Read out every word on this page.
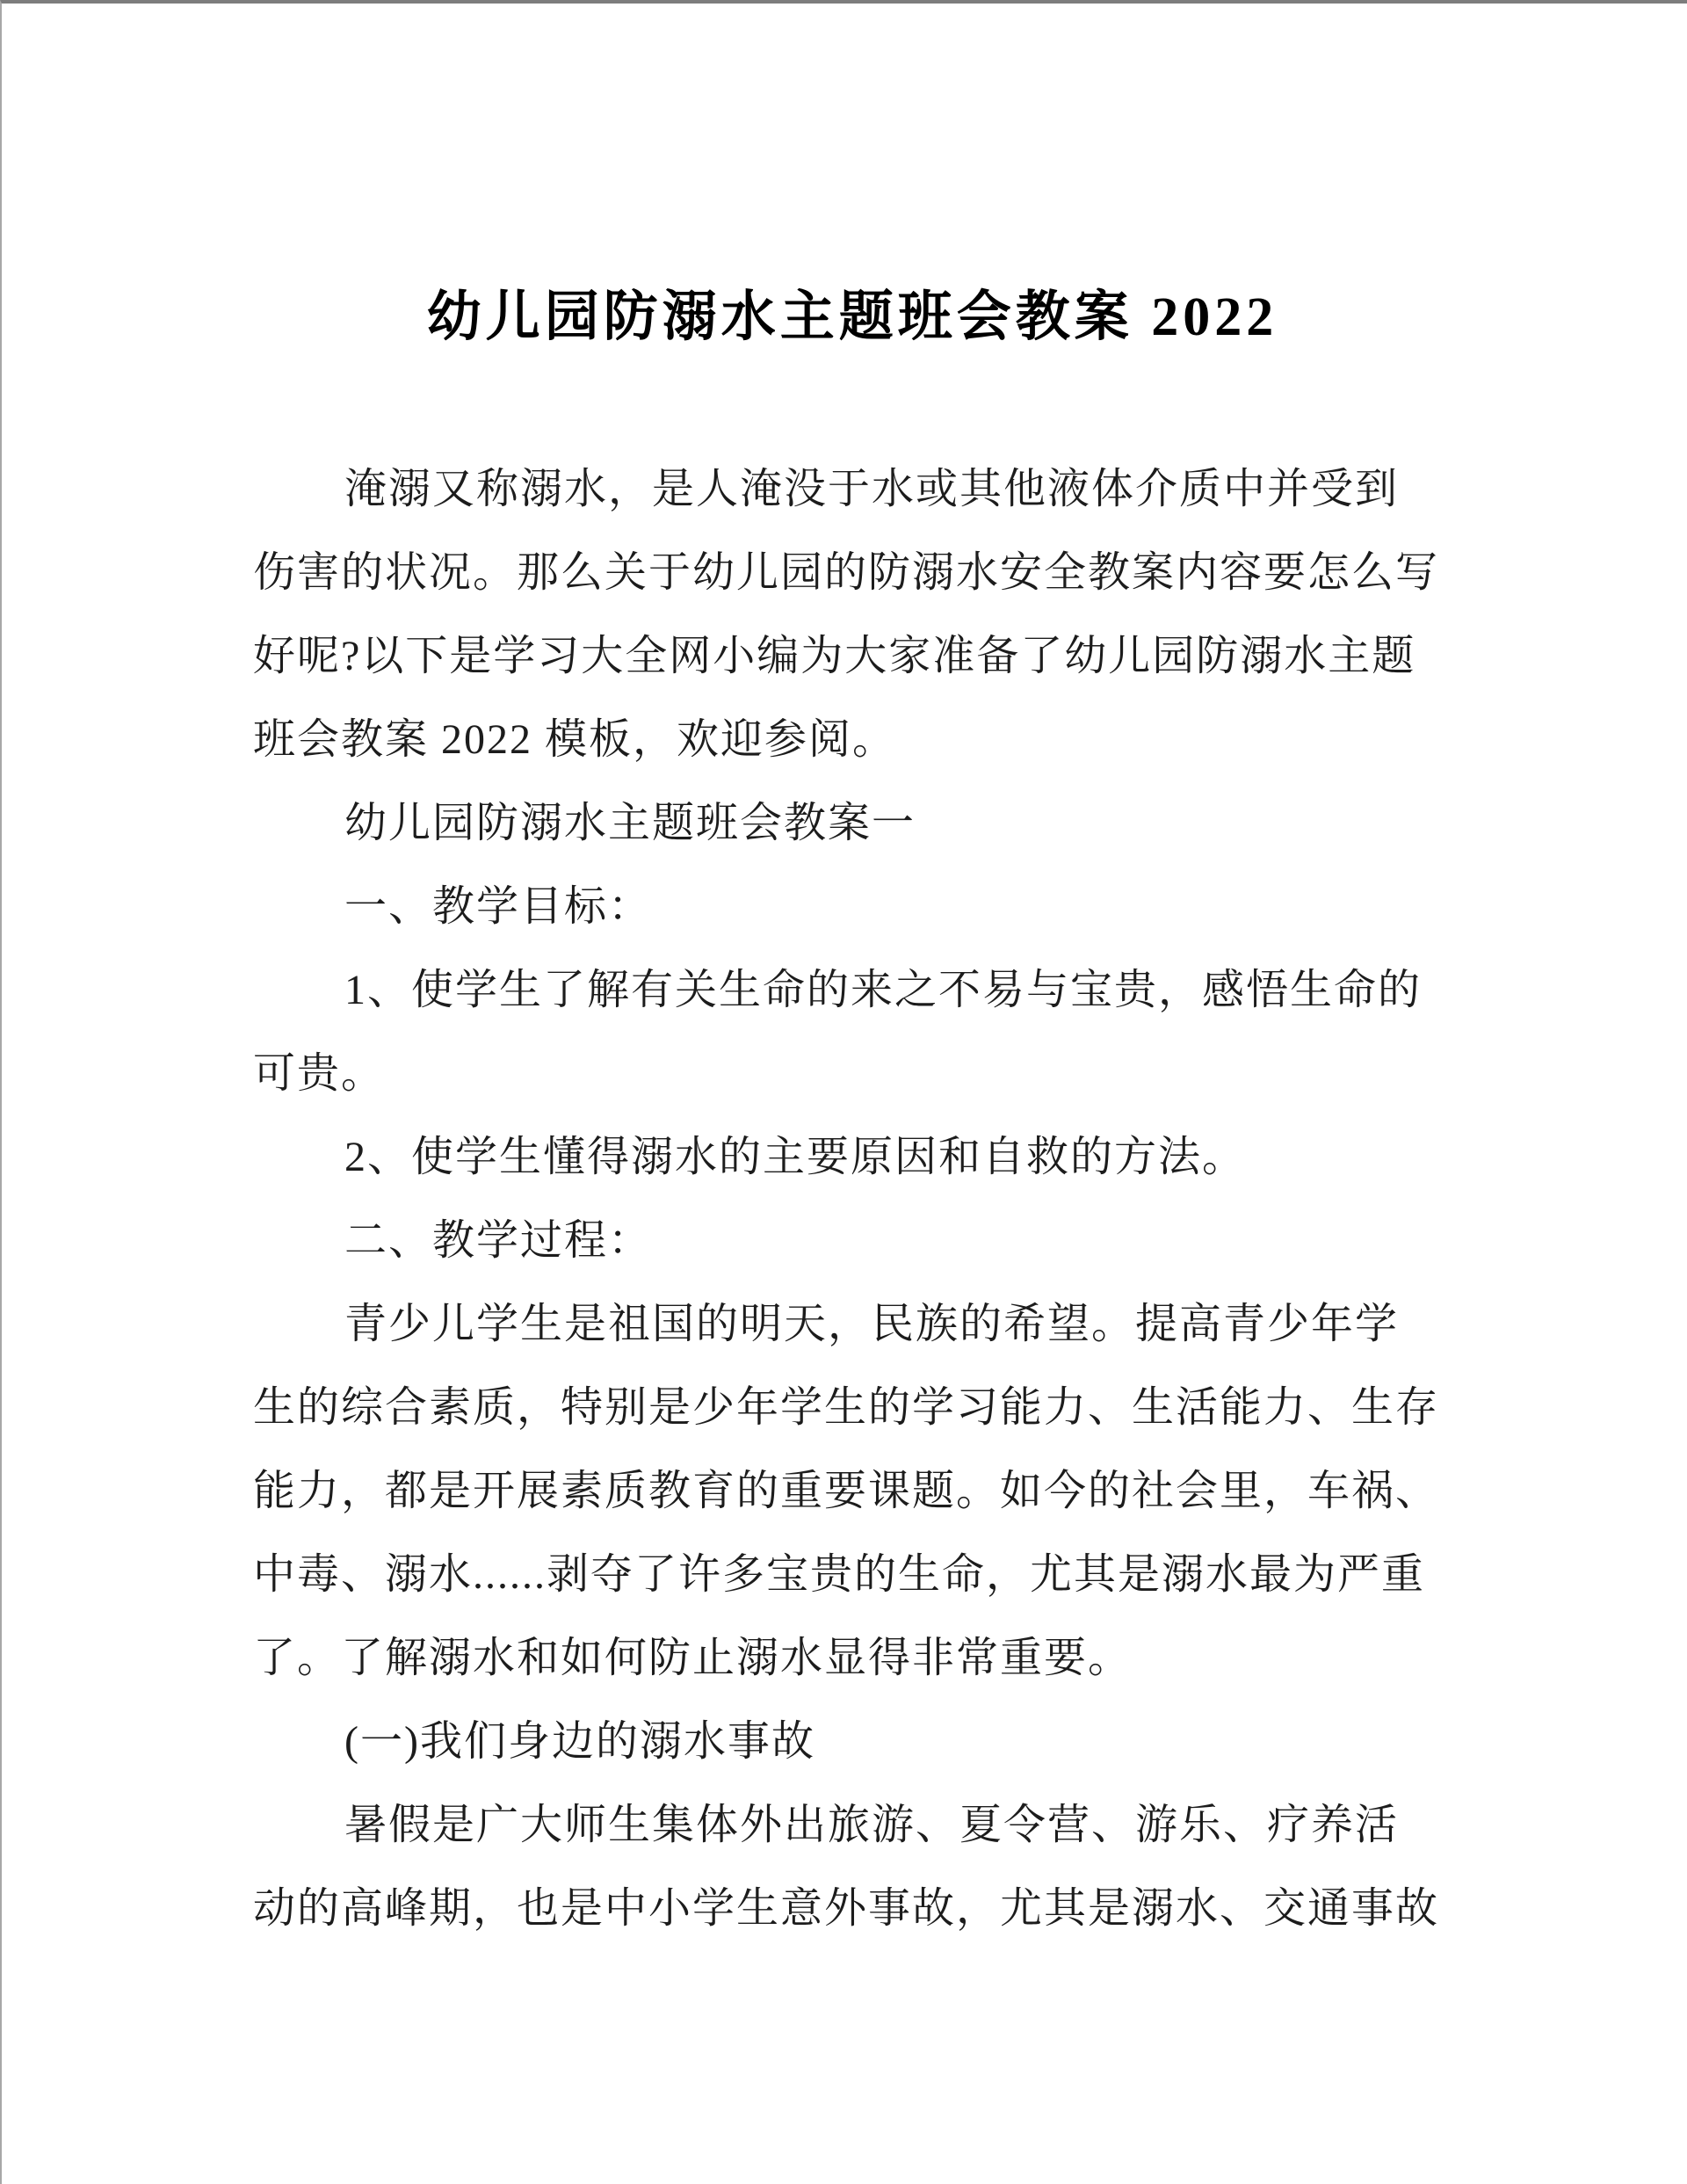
幼儿园防溺水主题班会教案 2022
淹溺又称溺水，是人淹没于水或其他液体介质中并受到
伤害的状况。那么关于幼儿园的防溺水安全教案内容要怎么写
好呢?以下是学习大全网小编为大家准备了幼儿园防溺水主题
班会教案 2022 模板，欢迎参阅。
幼儿园防溺水主题班会教案一
一、教学目标：
1、使学生了解有关生命的来之不易与宝贵，感悟生命的
可贵。
2、使学生懂得溺水的主要原因和自救的方法。
二、教学过程：
青少儿学生是祖国的明天，民族的希望。提高青少年学
生的综合素质，特别是少年学生的学习能力、生活能力、生存
能力，都是开展素质教育的重要课题。如今的社会里，车祸、
中毒、溺水......剥夺了许多宝贵的生命，尤其是溺水最为严重
了。了解溺水和如何防止溺水显得非常重要。
(一)我们身边的溺水事故
暑假是广大师生集体外出旅游、夏令营、游乐、疗养活
动的高峰期，也是中小学生意外事故，尤其是溺水、交通事故
